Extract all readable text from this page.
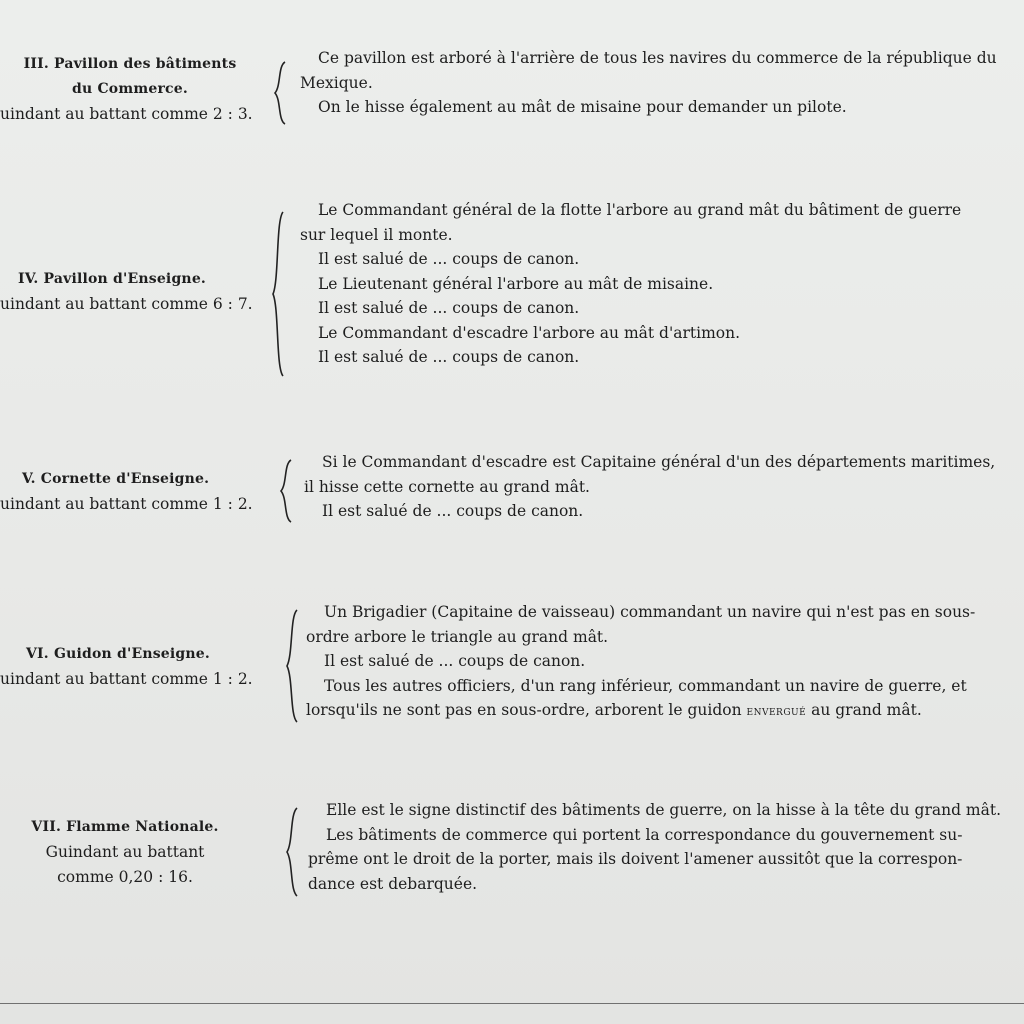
III. Pavillon des bâtiments
du Commerce.
uindant au battant comme 2 : 3.

Ce pavillon est arboré à l'arrière de tous les navires du commerce de la république du

Mexique.

On le hisse également au mât de misaine pour demander un pilote.

IV. Pavillon d'Enseigne.
uindant au battant comme 6 : 7.

Le Commandant général de la flotte l'arbore au grand mât du bâtiment de guerre

sur lequel il monte.

Il est salué de ... coups de canon.

Le Lieutenant général l'arbore au mât de misaine.

Il est salué de ... coups de canon.

Le Commandant d'escadre l'arbore au mât d'artimon.

Il est salué de ... coups de canon.

V. Cornette d'Enseigne.
uindant au battant comme 1 : 2.

Si le Commandant d'escadre est Capitaine général d'un des départements maritimes,

il hisse cette cornette au grand mât.

Il est salué de ... coups de canon.

VI. Guidon d'Enseigne.
uindant au battant comme 1 : 2.

Un Brigadier (Capitaine de vaisseau) commandant un navire qui n'est pas en sous-

ordre arbore le triangle au grand mât.

Il est salué de ... coups de canon.

Tous les autres officiers, d'un rang inférieur, commandant un navire de guerre, et

lorsqu'ils ne sont pas en sous-ordre, arborent le guidon envergué au grand mât.

VII. Flamme Nationale.
Guindant au battant
comme 0,20 : 16.

Elle est le signe distinctif des bâtiments de guerre, on la hisse à la tête du grand mât.

Les bâtiments de commerce qui portent la correspondance du gouvernement su-

prême ont le droit de la porter, mais ils doivent l'amener aussitôt que la correspon-

dance est debarquée.
